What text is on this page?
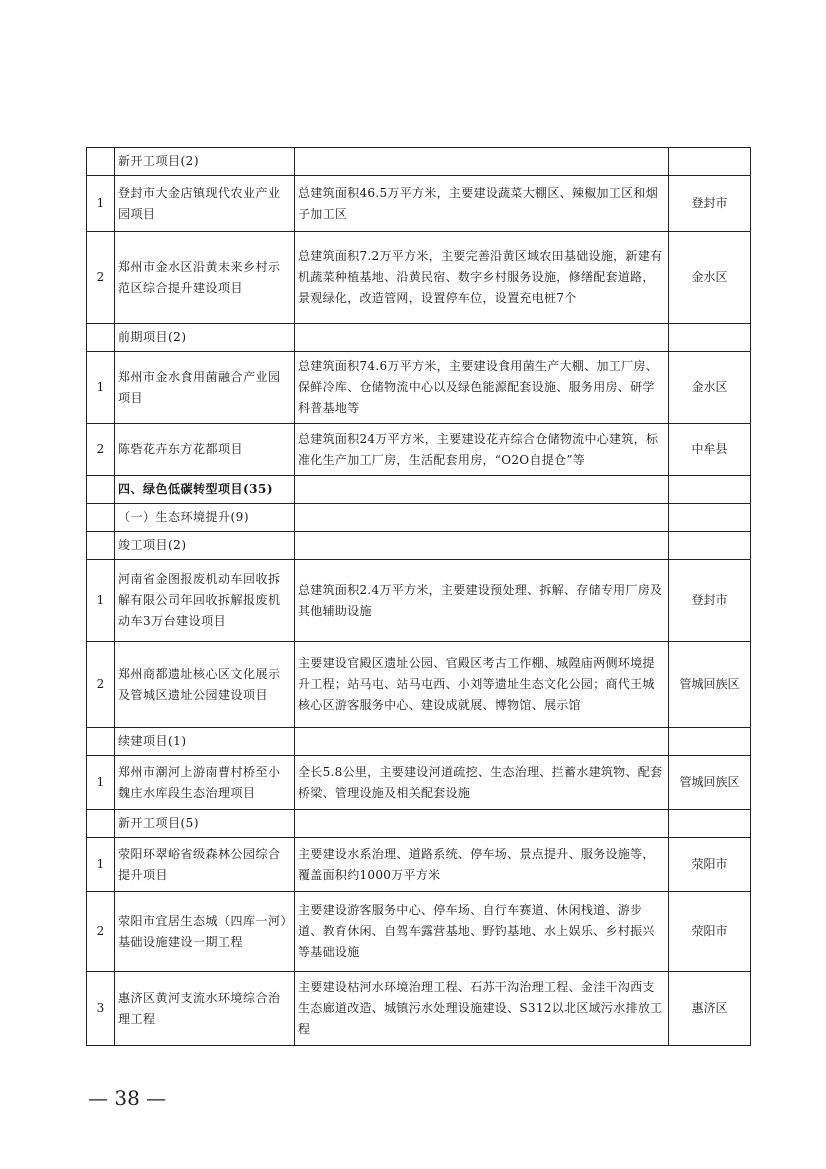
	新开工项目(2)		
1	登封市大金店镇现代农业产业园项目	总建筑面积46.5万平方米，主要建设蔬菜大棚区、辣椒加工区和烟子加工区	登封市
2	郑州市金水区沿黄未来乡村示范区综合提升建设项目	总建筑面积7.2万平方米，主要完善沿黄区域农田基础设施，新建有机蔬菜种植基地、沿黄民宿、数字乡村服务设施，修缮配套道路，景观绿化，改造管网，设置停车位，设置充电桩7个	金水区
	前期项目(2)		
1	郑州市金水食用菌融合产业园项目	总建筑面积74.6万平方米，主要建设食用菌生产大棚、加工厂房、保鲜冷库、仓储物流中心以及绿色能源配套设施、服务用房、研学科普基地等	金水区
2	陈砦花卉东方花都项目	总建筑面积24万平方米，主要建设花卉综合仓储物流中心建筑，标准化生产加工厂房，生活配套用房，“O2O自提仓”等	中牟县
	四、绿色低碳转型项目(35)		
	（一）生态环境提升(9)		
	竣工项目(2)		
1	河南省金图报废机动车回收拆解有限公司年回收拆解报废机动车3万台建设项目	总建筑面积2.4万平方米，主要建设预处理、拆解、存储专用厂房及其他辅助设施	登封市
2	郑州商都遗址核心区文化展示及管城区遗址公园建设项目	主要建设官殿区遗址公园、官殿区考古工作棚、城隍庙两侧环境提升工程；站马屯、站马屯西、小刘等遗址生态文化公园；商代王城核心区游客服务中心、建设成就展、博物馆、展示馆	管城回族区
	续建项目(1)		
1	郑州市潮河上游南曹村桥至小魏庄水库段生态治理项目	全长5.8公里，主要建设河道疏挖、生态治理、拦蓄水建筑物、配套桥梁、管理设施及相关配套设施	管城回族区
	新开工项目(5)		
1	荥阳环翠峪省级森林公园综合提升项目	主要建设水系治理、道路系统、停车场、景点提升、服务设施等，覆盖面积约1000万平方米	荥阳市
2	荥阳市宜居生态城（四库一河）基础设施建设一期工程	主要建设游客服务中心、停车场、自行车赛道、休闲栈道、游步道、教育休闲、自驾车露营基地、野钓基地、水上娱乐、乡村振兴等基础设施	荥阳市
3	惠济区黄河支流水环境综合治理工程	主要建设枯河水环境治理工程、石苏干沟治理工程、金洼干沟西支生态廊道改造、城镇污水处理设施建设、S312以北区域污水排放工程	惠济区
— 38 —
